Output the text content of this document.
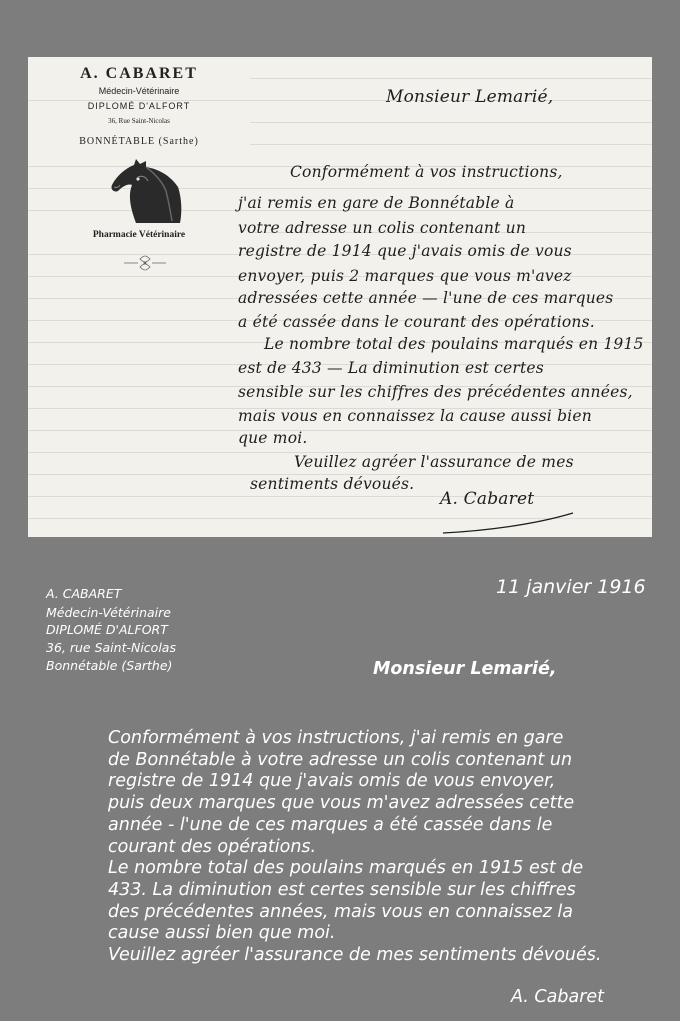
A. CABARET
Médecin-Vétérinaire
DIPLOMÉ D'ALFORT
36, Rue Saint-Nicolas
BONNÉTABLE (Sarthe)
Pharmacie Vétérinaire
Monsieur Lemarié,
Conformément à vos instructions,
j'ai remis en gare de Bonnétable à
votre adresse un colis contenant un
registre de 1914 que j'avais omis de vous
envoyer, puis 2 marques que vous m'avez
adressées cette année — l'une de ces marques
a été cassée dans le courant des opérations.
Le nombre total des poulains marqués en 1915
est de 433 — La diminution est certes
sensible sur les chiffres des précédentes années,
mais vous en connaissez la cause aussi bien
que moi.
Veuillez agréer l'assurance de mes
sentiments dévoués.
A. Cabaret
A. CABARET
Médecin-Vétérinaire
DIPLOMÉ D'ALFORT
36, rue Saint-Nicolas
Bonnétable (Sarthe)
11 janvier 1916
Monsieur Lemarié,
Conformément à vos instructions, j'ai remis en gare
de Bonnétable à votre adresse un colis contenant un
registre de 1914 que j'avais omis de vous envoyer,
puis deux marques que vous m'avez adressées cette
année - l'une de ces marques a été cassée dans le
courant des opérations.
Le nombre total des poulains marqués en 1915 est de
433. La diminution est certes sensible sur les chiffres
des précédentes années, mais vous en connaissez la
cause aussi bien que moi.
Veuillez agréer l'assurance de mes sentiments dévoués.
A. Cabaret
